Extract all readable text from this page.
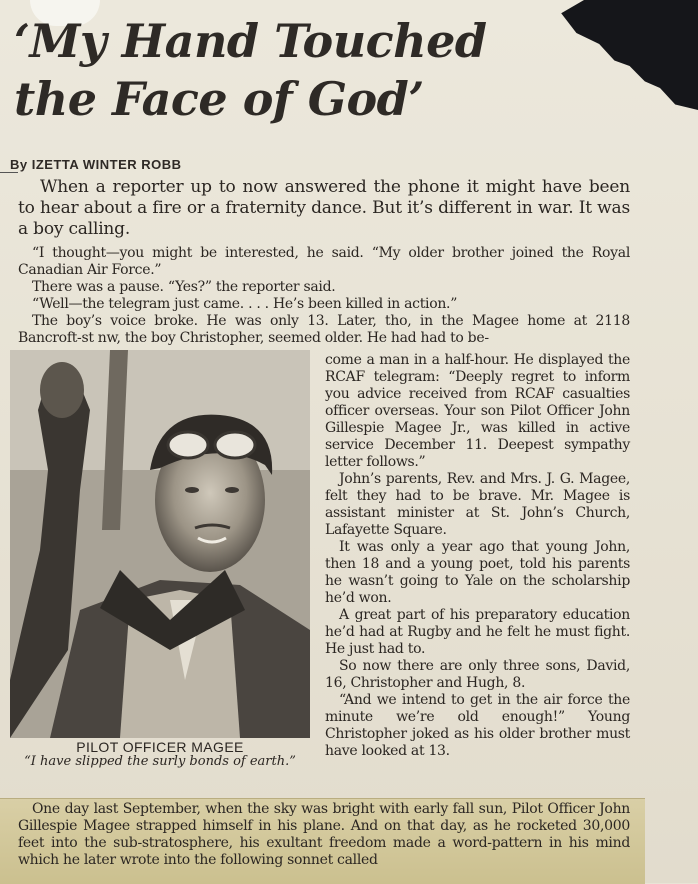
‘My Hand Touched
the Face of God’
By IZETTA WINTER ROBB

When a reporter up to now answered the phone it might have been to hear about a fire or a fraternity dance. But it’s different in war. It was a boy calling.

“I thought—you might be interested, he said. “My older brother joined the Royal Canadian Air Force.”

There was a pause. “Yes?” the reporter said.

“Well—the telegram just came. . . . He’s been killed in action.”

The boy’s voice broke. He was only 13. Later, tho, in the Magee home at 2118 Bancroft-st nw, the boy Christopher, seemed older. He had had to be-

PILOT OFFICER MAGEE
“I have slipped the surly bonds of earth.”

come a man in a half-hour. He displayed the RCAF telegram: “Deeply regret to inform you advice received from RCAF casualties officer overseas. Your son Pilot Officer John Gillespie Magee Jr., was killed in active service December 11. Deepest sympathy letter follows.”

John’s parents, Rev. and Mrs. J. G. Magee, felt they had to be brave. Mr. Magee is assistant minister at St. John’s Church, Lafayette Square.

It was only a year ago that young John, then 18 and a young poet, told his parents he wasn’t going to Yale on the scholarship he’d won.

A great part of his preparatory education he’d had at Rugby and he felt he must fight. He just had to.

So now there are only three sons, David, 16, Christopher and Hugh, 8.

“And we intend to get in the air force the minute we’re old enough!” Young Christopher joked as his older brother must have looked at 13.

One day last September, when the sky was bright with early fall sun, Pilot Officer John Gillespie Magee strapped himself in his plane. And on that day, as he rocketed 30,000 feet into the sub-stratosphere, his exultant freedom made a word-pattern in his mind which he later wrote into the following sonnet called
